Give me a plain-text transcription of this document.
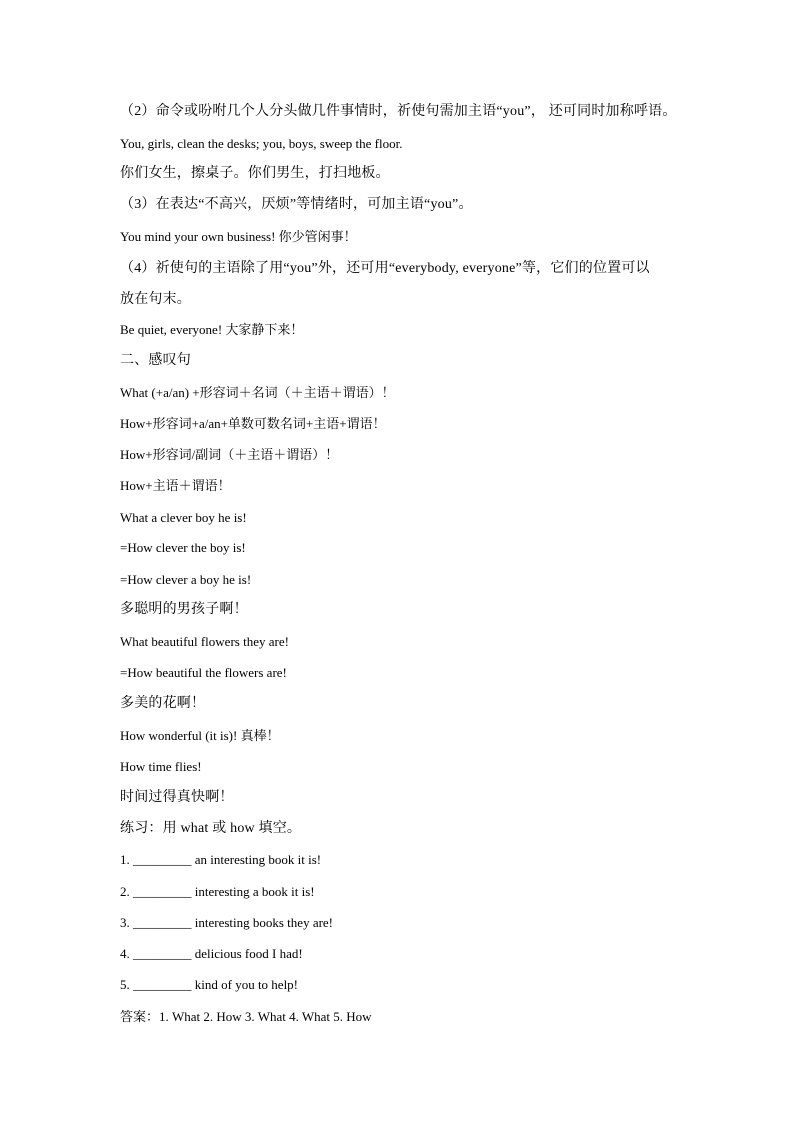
（2）命令或吩咐几个人分头做几件事情时，祈使句需加主语“you”， 还可同时加称呼语。
You, girls, clean the desks; you, boys, sweep the floor.
你们女生，擦桌子。你们男生，打扫地板。
（3）在表达“不高兴，厌烦”等情绪时，可加主语“you”。
You mind your own business! 你少管闲事！
（4）祈使句的主语除了用“you”外，还可用“everybody, everyone”等，它们的位置可以
放在句末。
Be quiet, everyone! 大家静下来！
二、感叹句
What (+a/an) +形容词＋名词（＋主语＋谓语）！
How+形容词+a/an+单数可数名词+主语+谓语！
How+形容词/副词（＋主语＋谓语）！
How+主语＋谓语！
What a clever boy he is!
=How clever the boy is!
=How clever a boy he is!
多聪明的男孩子啊！
What beautiful flowers they are!
=How beautiful the flowers are!
多美的花啊！
How wonderful (it is)! 真棒！
How time flies!
时间过得真快啊！
练习：用 what 或 how 填空。
1. _________ an interesting book it is!
2. _________ interesting a book it is!
3. _________ interesting books they are!
4. _________ delicious food I had!
5. _________ kind of you to help!
答案：1. What 2. How 3. What 4. What 5. How
